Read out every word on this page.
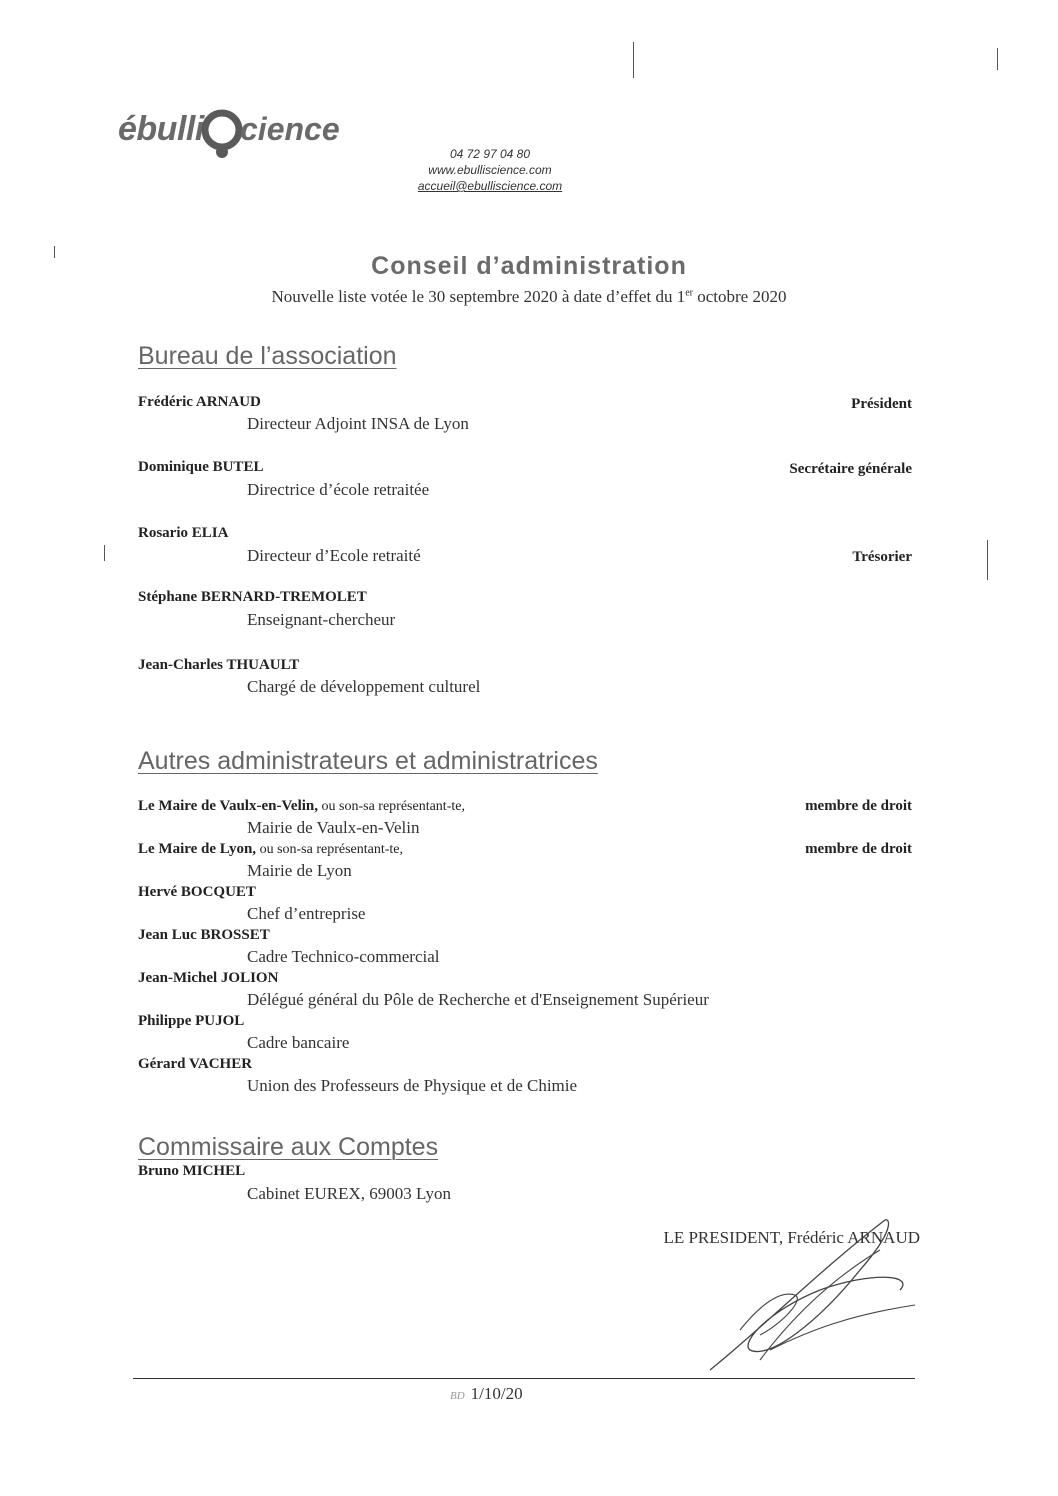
ébulli cience
04 72 97 04 80
www.ebulliscience.com
accueil@ebulliscience.com
Conseil d’administration
Nouvelle liste votée le 30 septembre 2020 à date d’effet du 1er octobre 2020
Bureau de l’association
Frédéric ARNAUD	Président
Directeur Adjoint INSA de Lyon
Dominique BUTEL	Secrétaire générale
Directrice d’école retraitée
Rosario ELIA
Directeur d’Ecole retraité	Trésorier
Stéphane BERNARD-TREMOLET
Enseignant-chercheur
Jean-Charles THUAULT
Chargé de développement culturel
Autres administrateurs et administratrices
Le Maire de Vaulx-en-Velin, ou son-sa représentant-te,	membre de droit
Mairie de Vaulx-en-Velin
Le Maire de Lyon, ou son-sa représentant-te,	membre de droit
Mairie de Lyon
Hervé BOCQUET
Chef d’entreprise
Jean Luc BROSSET
Cadre Technico-commercial
Jean-Michel JOLION
Délégué général du Pôle de Recherche et d'Enseignement Supérieur
Philippe PUJOL
Cadre bancaire
Gérard VACHER
Union des Professeurs de Physique et de Chimie
Commissaire aux Comptes
Bruno MICHEL
Cabinet EUREX, 69003 Lyon
LE PRESIDENT, Frédéric ARNAUD
BD 1/10/20
